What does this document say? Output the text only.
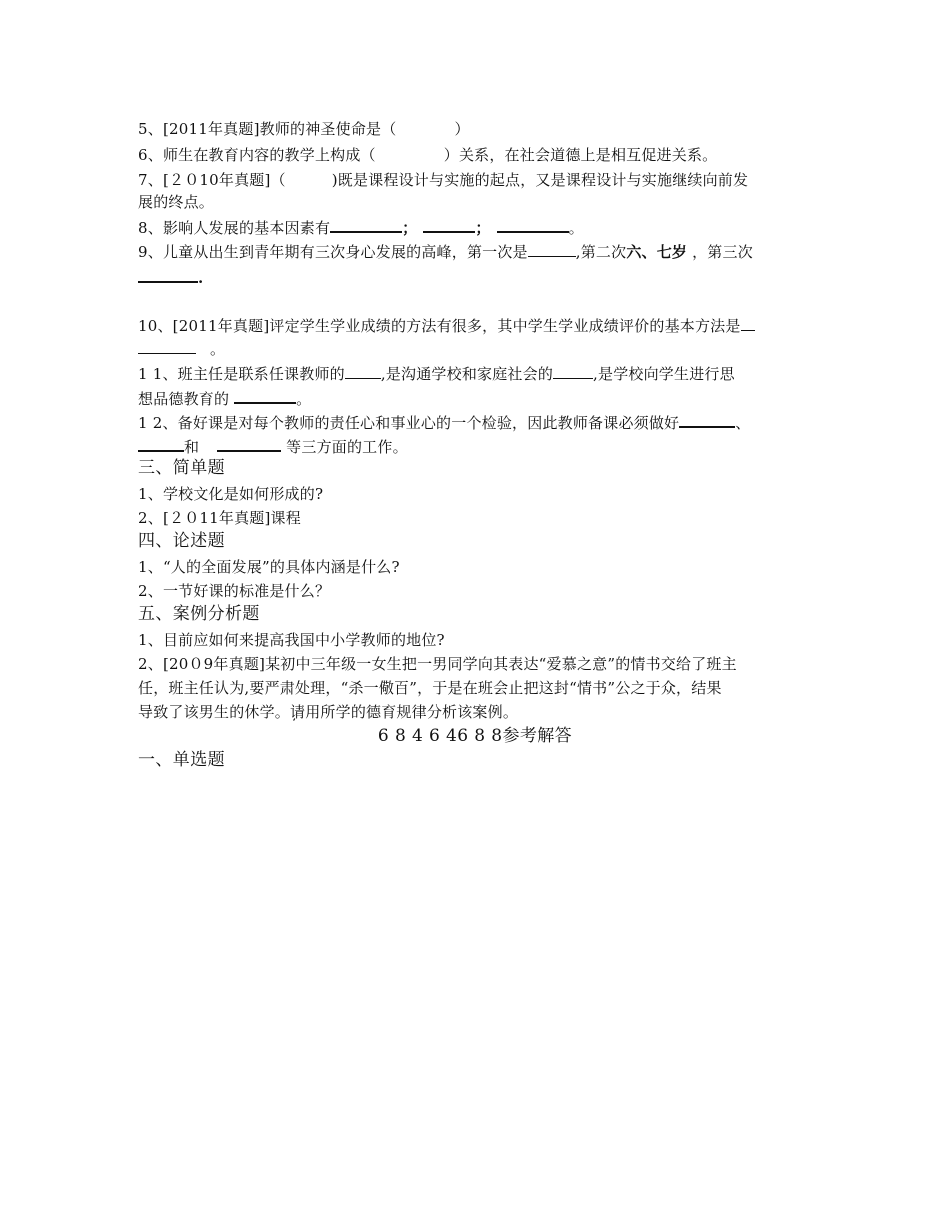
5、[2011年真题]教师的神圣使命是（	）

6、师生在教育内容的教学上构成（	）关系，在社会道德上是相互促进关系。

7、[２０10年真题]（	)既是课程设计与实施的起点，又是课程设计与实施继续向前发

展的终点。

8、影响人发展的基本因素有	；	；	。

9、儿童从出生到青年期有三次身心发展的高峰，第一次是	,第二次六、七岁 ，第三次

.

10、[2011年真题]评定学生学业成绩的方法有很多，其中学生学业成绩评价的基本方法是

。

1 1、班主任是联系任课教师的 ,是沟通学校和家庭社会的	,是学校向学生进行思

想品德教育的	。

1 2、备好课是对每个教师的责任心和事业心的一个检验，因此教师备课必须做好	、

和	等三方面的工作。

三、简单题

1、学校文化是如何形成的?

2、[２０11年真题]课程

四、论述题

1、“人的全面发展”的具体内涵是什么?

2、一节好课的标准是什么？

五、案例分析题

1、目前应如何来提高我国中小学教师的地位?

2、[20０9年真题]某初中三年级一女生把一男同学向其表达“爱慕之意”的情书交给了班主

任，班主任认为,要严肃处理，“杀一儆百”，于是在班会止把这封“情书”公之于众，结果

导致了该男生的休学。请用所学的德育规律分析该案例。

6 8 4 6 46 8 8参考解答

一、单选题
